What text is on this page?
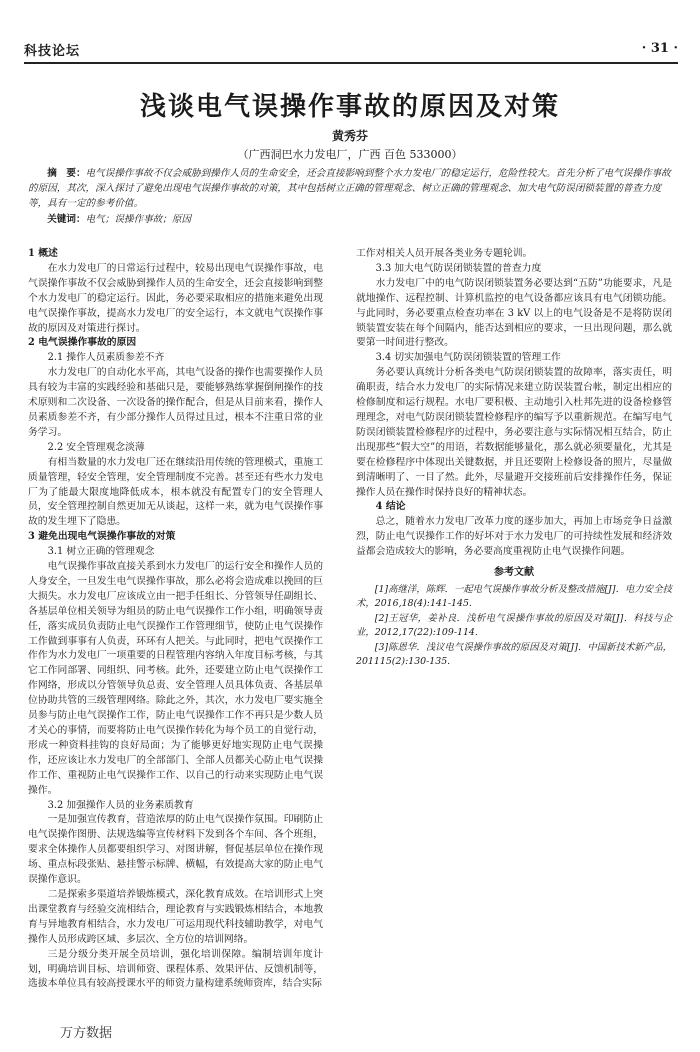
科技论坛	· 31 ·
浅谈电气误操作事故的原因及对策
黄秀芬
（广西洞巴水力发电厂，广西 百色 533000）
摘　要：电气误操作事故不仅会威胁到操作人员的生命安全，还会直接影响到整个水力发电厂的稳定运行，危险性较大。首先分析了电气误操作事故的原因，其次，深入探讨了避免出现电气误操作事故的对策，其中包括树立正确的管理观念、树立正确的管理观念、加大电气防误闭锁装置的普查力度等，具有一定的参考价值。
关键词：电气；误操作事故；原因
1 概述

在水力发电厂的日常运行过程中，较易出现电气误操作事故，电气误操作事故不仅会威胁到操作人员的生命安全，还会直接影响到整个水力发电厂的稳定运行。因此，务必要采取相应的措施来避免出现电气误操作事故，提高水力发电厂的安全运行，本文就电气误操作事故的原因及对策进行探讨。

2 电气误操作事故的原因
2.1 操作人员素质参差不齐

水力发电厂的自动化水平高，其电气设备的操作也需要操作人员具有较为丰富的实践经验和基础只是，要能够熟练掌握倒闸操作的技术原则和二次设备、一次设备的操作配合，但是从目前来看，操作人员素质参差不齐，有少部分操作人员得过且过，根本不注重日常的业务学习。

2.2 安全管理观念淡薄

有相当数量的水力发电厂还在继续沿用传统的管理模式，重施工质量管理，轻安全管理，安全管理制度不完善。甚至还有些水力发电厂为了能最大限度地降低成本，根本就没有配置专门的安全管理人员，安全管理控制自然更加无从谈起，这样一来，就为电气误操作事故的发生埋下了隐患。

3 避免出现电气误操作事故的对策
3.1 树立正确的管理观念

电气误操作事故直接关系到水力发电厂的运行安全和操作人员的人身安全，一旦发生电气误操作事故，那么必将会造成难以挽回的巨大损失。水力发电厂应该成立由一把手任组长、分管领导任副组长、各基层单位相关领导为组员的防止电气误操作工作小组，明确领导责任，落实成员负责防止电气误操作工作管理细节，使防止电气误操作工作做到事事有人负责，环环有人把关。与此同时，把电气误操作工作作为水力发电厂一项重要的日程管理内容纳入年度目标考核，与其它工作同部署、同组织、同考核。此外，还要建立防止电气误操作工作网络，形成以分管领导负总责、安全管理人员具体负责、各基层单位协助共管的三级管理网络。除此之外，其次，水力发电厂要实施全员参与防止电气误操作工作，防止电气误操作工作不再只是少数人员才关心的事情，而要将防止电气误操作转化为每个员工的自觉行动，形成一种资料挂钩的良好局面；为了能够更好地实现防止电气误操作，还应该让水力发电厂的全部部门、全部人员都关心防止电气误操作工作、重视防止电气误操作工作、以自己的行动来实现防止电气误操作。

3.2 加强操作人员的业务素质教育

一是加强宣传教育，营造浓厚的防止电气误操作氛围。印刷防止电气误操作图册、法规选编等宣传材料下发到各个车间、各个班组，要求全体操作人员都要组织学习、对图讲解，督促基层单位在操作现场、重点标段张贴、悬挂警示标牌、横幅，有效提高大家的防止电气误操作意识。

二是探索多渠道培养锻炼模式，深化教育成效。在培训形式上突出课堂教育与经验交流相结合，理论教育与实践锻炼相结合，本地教育与异地教育相结合，水力发电厂可运用现代科技辅助教学，对电气操作人员形成跨区域、多层次、全方位的培训网络。

三是分级分类开展全员培训，强化培训保障。编制培训年度计划，明确培训目标、培训师资、课程体系、效果评估、反馈机制等，选拔本单位具有较高授课水平的师资力量构建系统师资库，结合实际

工作对相关人员开展各类业务专题轮训。

3.3 加大电气防误闭锁装置的普查力度

水力发电厂中的电气防误闭锁装置务必要达到“五防”功能要求，凡是就地操作、远程控制、计算机监控的电气设备都应该具有电气闭锁功能。与此同时，务必要重点检查功率在 3 kV 以上的电气设备是不是将防误闭锁装置安装在每个间隔内，能否达到相应的要求，一旦出现问题，那么就要第一时间进行整改。

3.4 切实加强电气防误闭锁装置的管理工作

务必要认真统计分析各类电气防误闭锁装置的故障率，落实责任，明确职责，结合水力发电厂的实际情况来建立防误装置台帐，制定出相应的检修制度和运行规程。水电厂要积极、主动地引入杜邦先进的设备检修管理理念，对电气防误闭锁装置检修程序的编写予以重新规范。在编写电气防误闭锁装置检修程序的过程中，务必要注意与实际情况相互结合，防止出现那些“假大空”的用语，若数据能够量化，那么就必须要量化，尤其是要在检修程序中体现出关键数据，并且还要附上检修设备的照片，尽量做到清晰明了、一目了然。此外，尽量避开交接班前后安排操作任务，保证操作人员在操作时保持良好的精神状态。

4 结论

总之，随着水力发电厂改革力度的逐步加大，再加上市场竞争日益激烈，防止电气误操作工作的好坏对于水力发电厂的可持续性发展和经济效益都会造成较大的影响，务必要高度重视防止电气误操作问题。

参考文献

[1]高继洋，陈辉．一起电气误操作事故分析及整改措施[J]．电力安全技术，2016,18(4):141-145.

[2]王冠华，姜补良．浅析电气误操作事故的原因及对策[J]．科技与企业，2012,17(22):109-114.

[3]陈恩华．浅议电气误操作事故的原因及对策[J]．中国新技术新产品，201115(2):130-135.

万方数据
